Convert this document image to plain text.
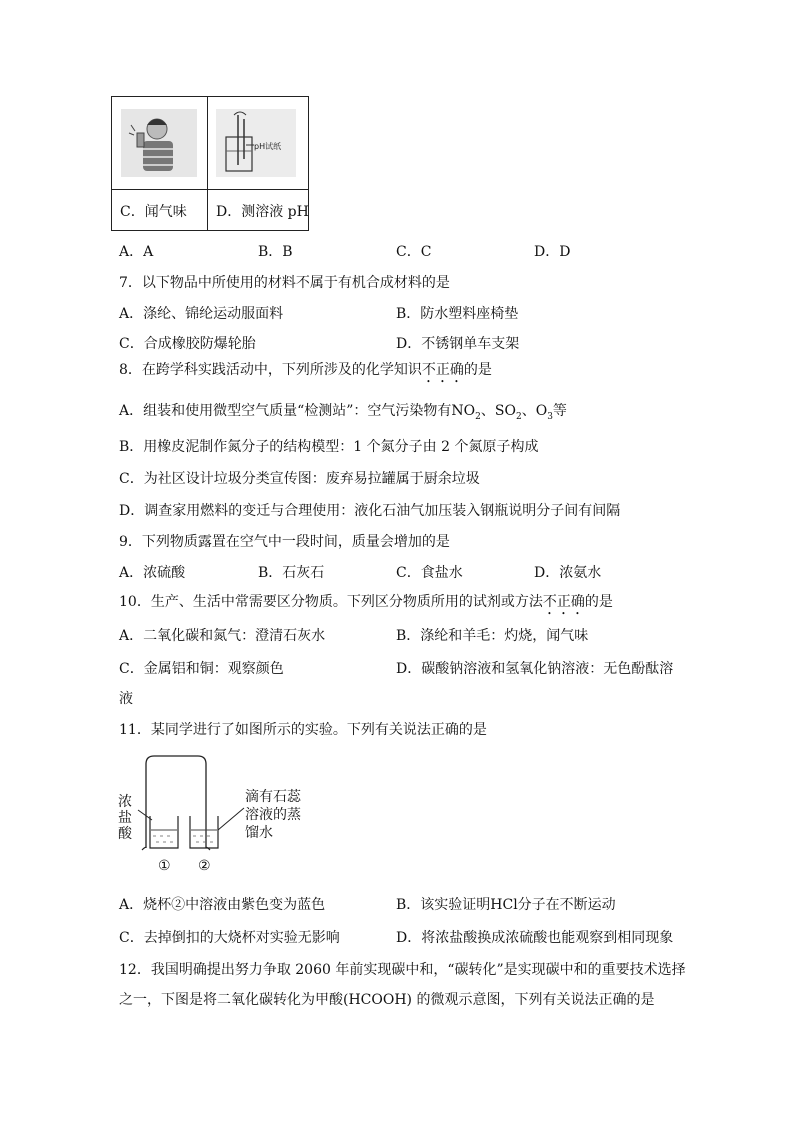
pH试纸
C．闻气味 D．测溶液 pH
A．A	B．B	C．C	D．D
7．以下物品中所使用的材料不属于有机合成材料的是
A．涤纶、锦纶运动服面料	B．防水塑料座椅垫
C．合成橡胶防爆轮胎	D．不锈钢单车支架
8．在跨学科实践活动中，下列所涉及的化学知识不正确的是
A．组装和使用微型空气质量“检测站”：空气污染物有$NO_2$、$SO_2$、$O_3$等
B．用橡皮泥制作氮分子的结构模型：1 个氮分子由 2 个氮原子构成
C．为社区设计垃圾分类宣传图：废弃易拉罐属于厨余垃圾
D．调查家用燃料的变迁与合理使用：液化石油气加压装入钢瓶说明分子间有间隔
9．下列物质露置在空气中一段时间，质量会增加的是
A．浓硫酸	B．石灰石	C．食盐水	D．浓氨水
10．生产、生活中常需要区分物质。下列区分物质所用的试剂或方法不正确的是
A．二氧化碳和氮气：澄清石灰水	B．涤纶和羊毛：灼烧，闻气味
C．金属铝和铜：观察颜色	D．碳酸钠溶液和氢氧化钠溶液：无色酚酞溶
液
11．某同学进行了如图所示的实验。下列有关说法正确的是
浓
盐
酸
滴有石蕊
溶液的蒸
馏水
① ②
A．烧杯②中溶液由紫色变为蓝色	B．该实验证明HCl分子在不断运动
C．去掉倒扣的大烧杯对实验无影响	D．将浓盐酸换成浓硫酸也能观察到相同现象
12．我国明确提出努力争取 2060 年前实现碳中和，“碳转化”是实现碳中和的重要技术选择
之一，下图是将二氧化碳转化为甲酸(HCOOH) 的微观示意图，下列有关说法正确的是
